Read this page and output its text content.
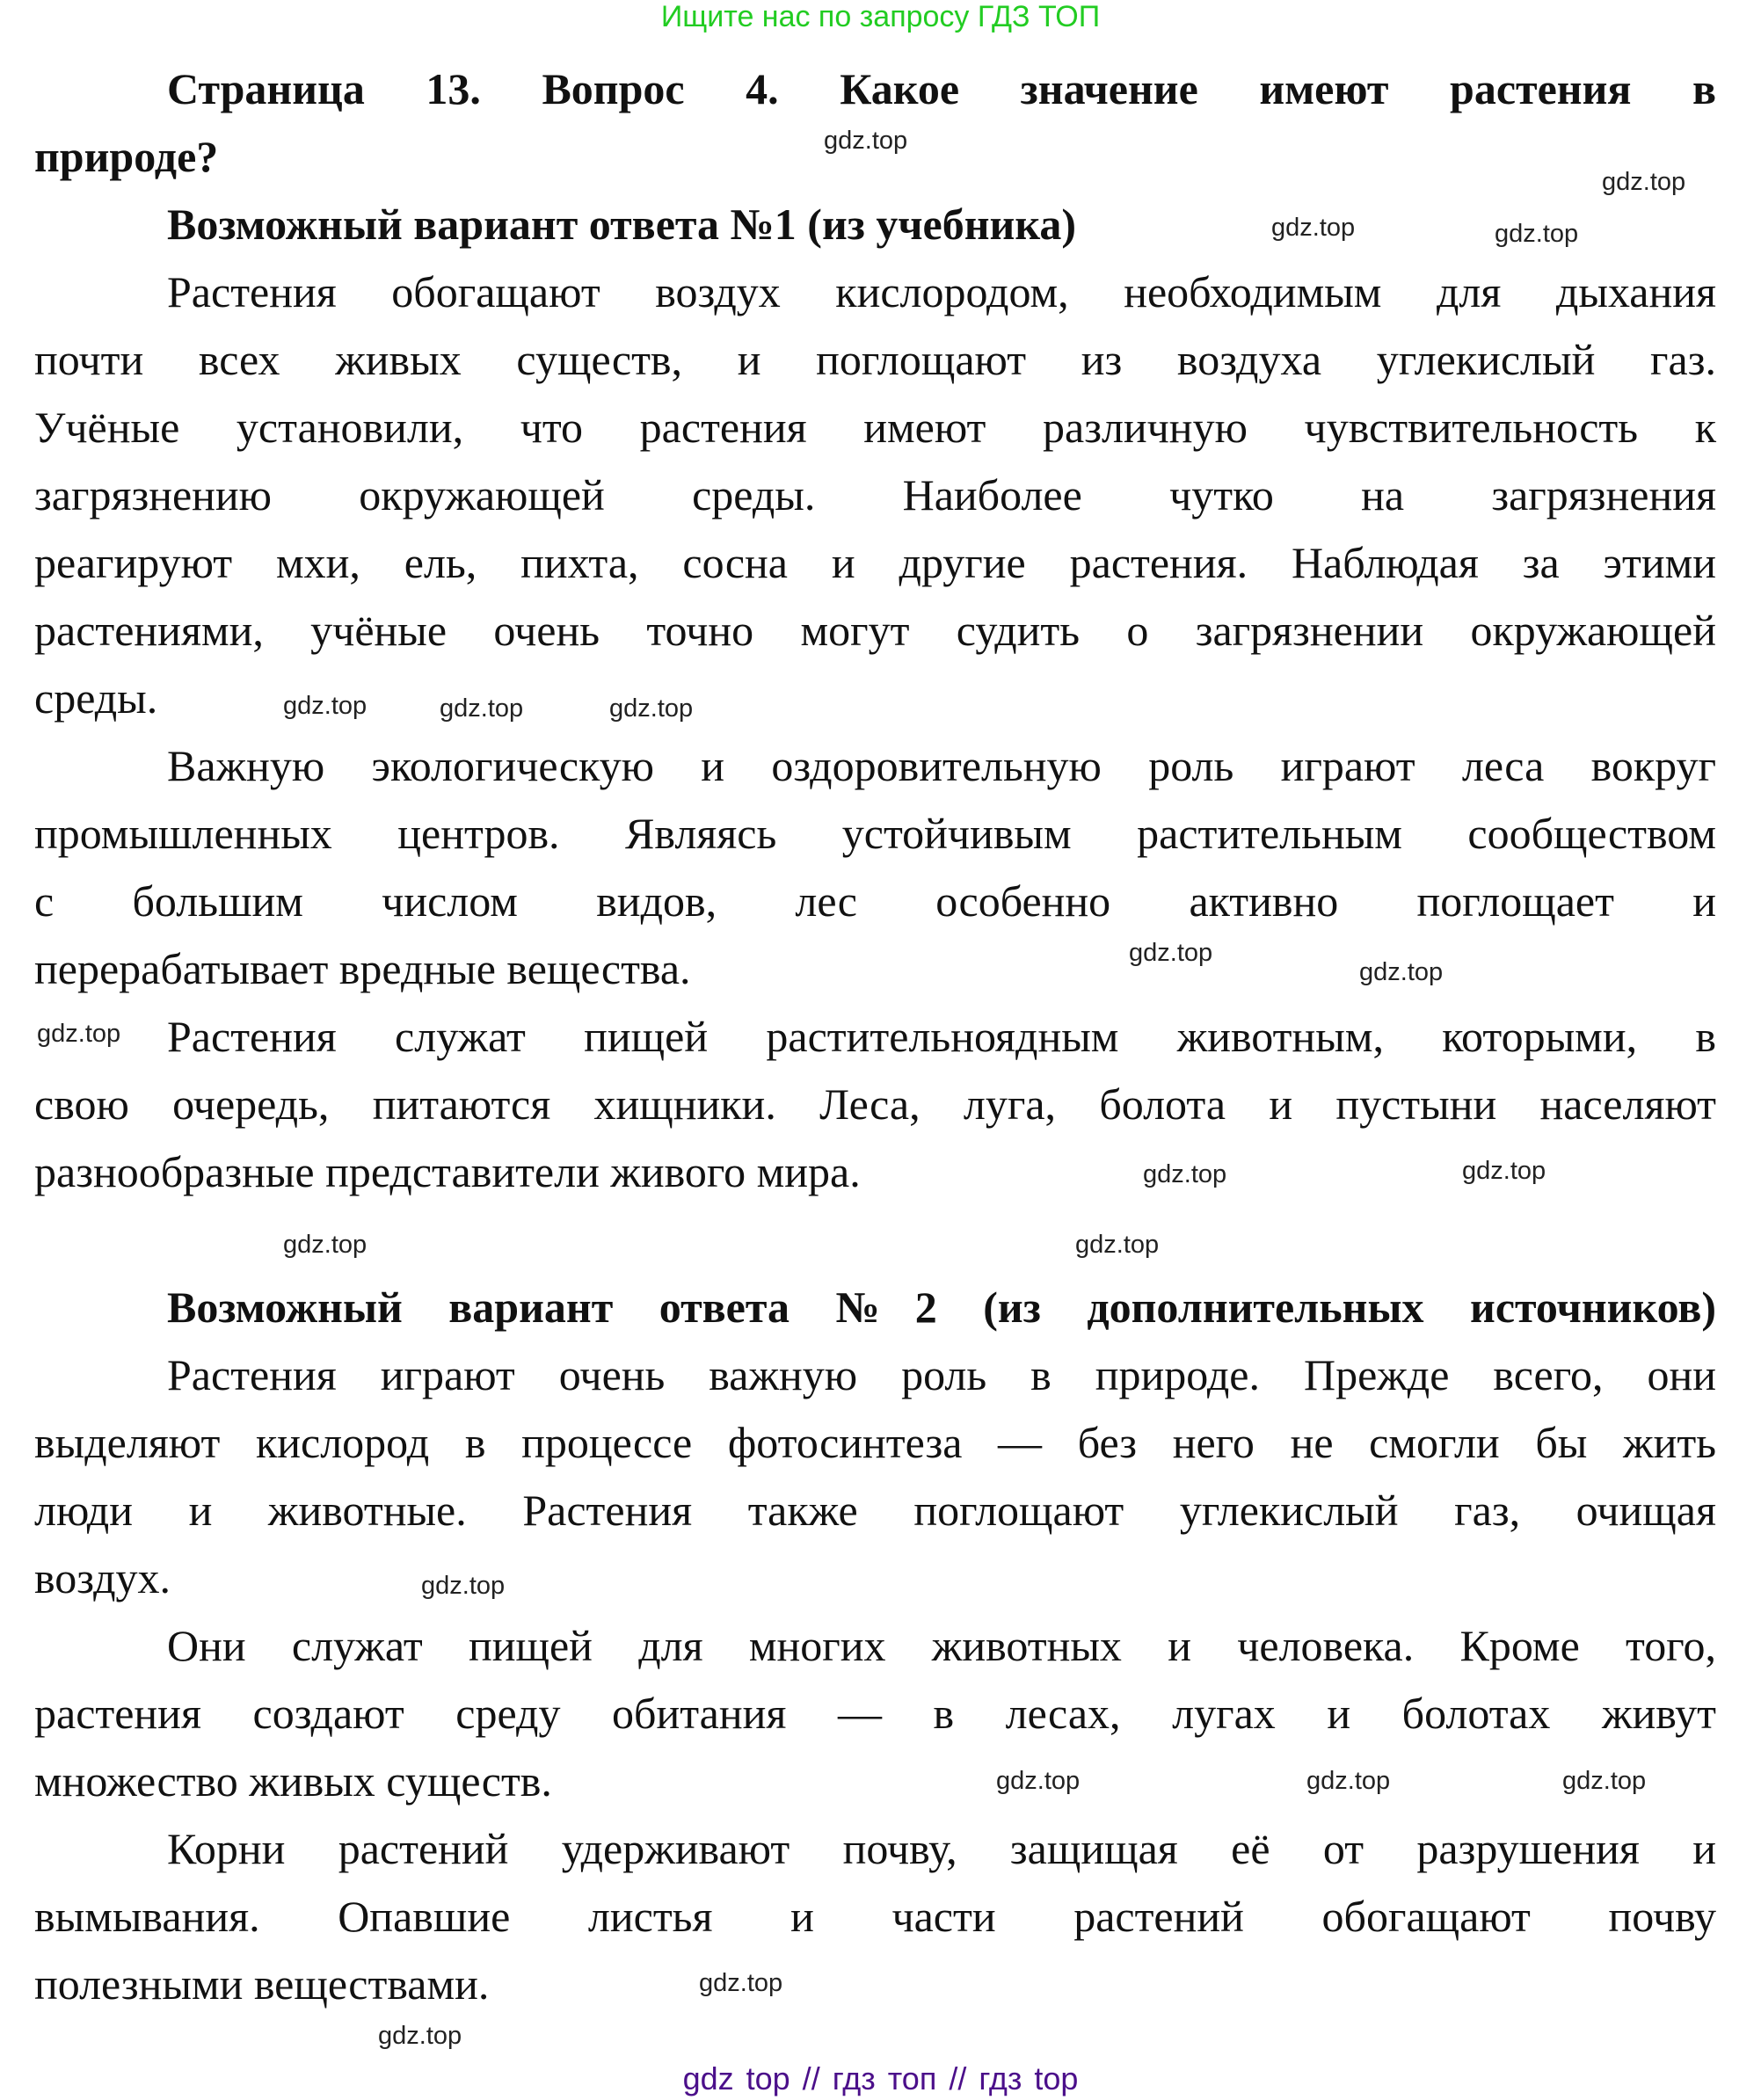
Ищите нас по запросу ГДЗ ТОП
Страница 13. Вопрос 4. Какое значение имеют растения в
природе?
Возможный вариант ответа №1 (из учебника)
Растения обогащают воздух кислородом, необходимым для дыхания
почти всех живых существ, и поглощают из воздуха углекислый газ.
Учёные установили, что растения имеют различную чувствительность к
загрязнению окружающей среды. Наиболее чутко на загрязнения
реагируют мхи, ель, пихта, сосна и другие растения. Наблюдая за этими
растениями, учёные очень точно могут судить о загрязнении окружающей
среды.
Важную экологическую и оздоровительную роль играют леса вокруг
промышленных центров. Являясь устойчивым растительным сообществом
с большим числом видов, лес особенно активно поглощает и
перерабатывает вредные вещества.
Растения служат пищей растительноядным животным, которыми, в
свою очередь, питаются хищники. Леса, луга, болота и пустыни населяют
разнообразные представители живого мира.
Возможный вариант ответа №2 (из дополнительных источников)
Растения играют очень важную роль в природе. Прежде всего, они
выделяют кислород в процессе фотосинтеза — без него не смогли бы жить
люди и животные. Растения также поглощают углекислый газ, очищая
воздух.
Они служат пищей для многих животных и человека. Кроме того,
растения создают среду обитания — в лесах, лугах и болотах живут
множество живых существ.
Корни растений удерживают почву, защищая её от разрушения и
вымывания. Опавшие листья и части растений обогащают почву
полезными веществами.
gdz.top
gdz.top
gdz.top
gdz.top
gdz.top
gdz.top
gdz.top
gdz.top
gdz.top
gdz.top
gdz.top	gdz.top
gdz.top	gdz.top
gdz.top
gdz.top
gdz.top	gdz.top
gdz.top
gdz.top
gdz top // гдз топ // гдз top
